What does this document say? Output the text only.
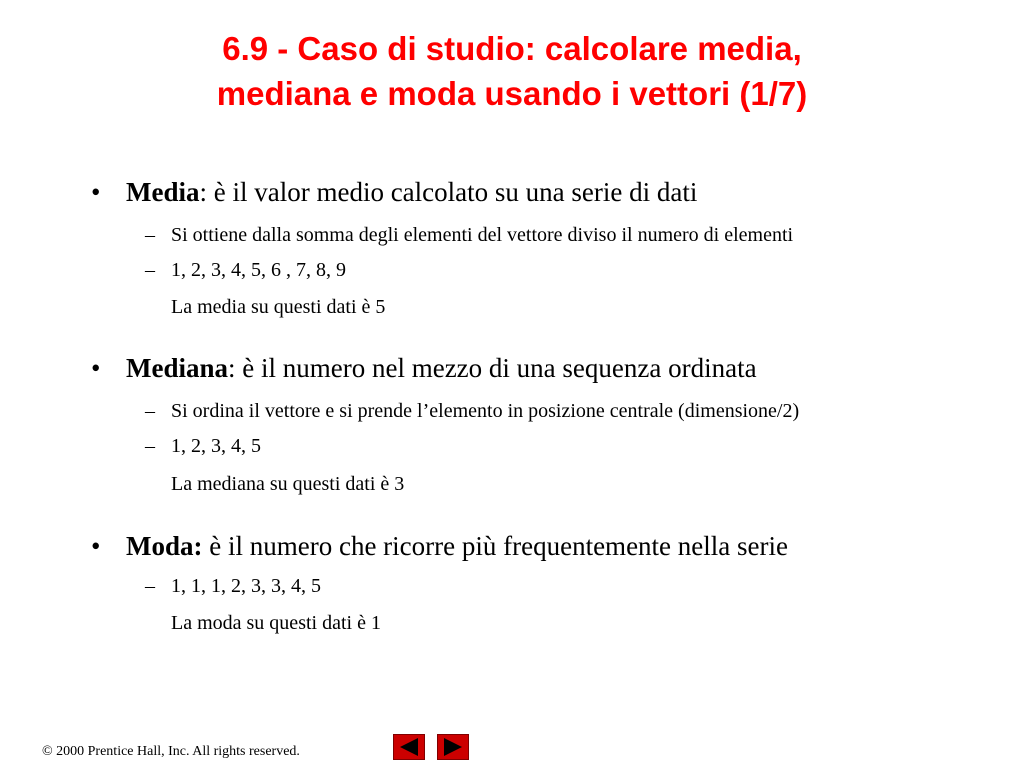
6.9 - Caso di studio: calcolare media,
mediana e moda usando i vettori (1/7)
• Media: è il valor medio calcolato su una serie di dati
– Si ottiene dalla somma degli elementi del vettore diviso il numero di elementi
– 1, 2, 3, 4, 5, 6 , 7, 8, 9
La media su questi dati è 5
• Mediana: è il numero nel mezzo di una sequenza ordinata
– Si ordina il vettore e si prende l’elemento in posizione centrale (dimensione/2)
– 1, 2, 3, 4, 5
La mediana su questi dati è 3
• Moda: è il numero che ricorre più frequentemente nella serie
– 1, 1, 1, 2, 3, 3, 4, 5
La moda su questi dati è 1
© 2000 Prentice Hall, Inc. All rights reserved.
